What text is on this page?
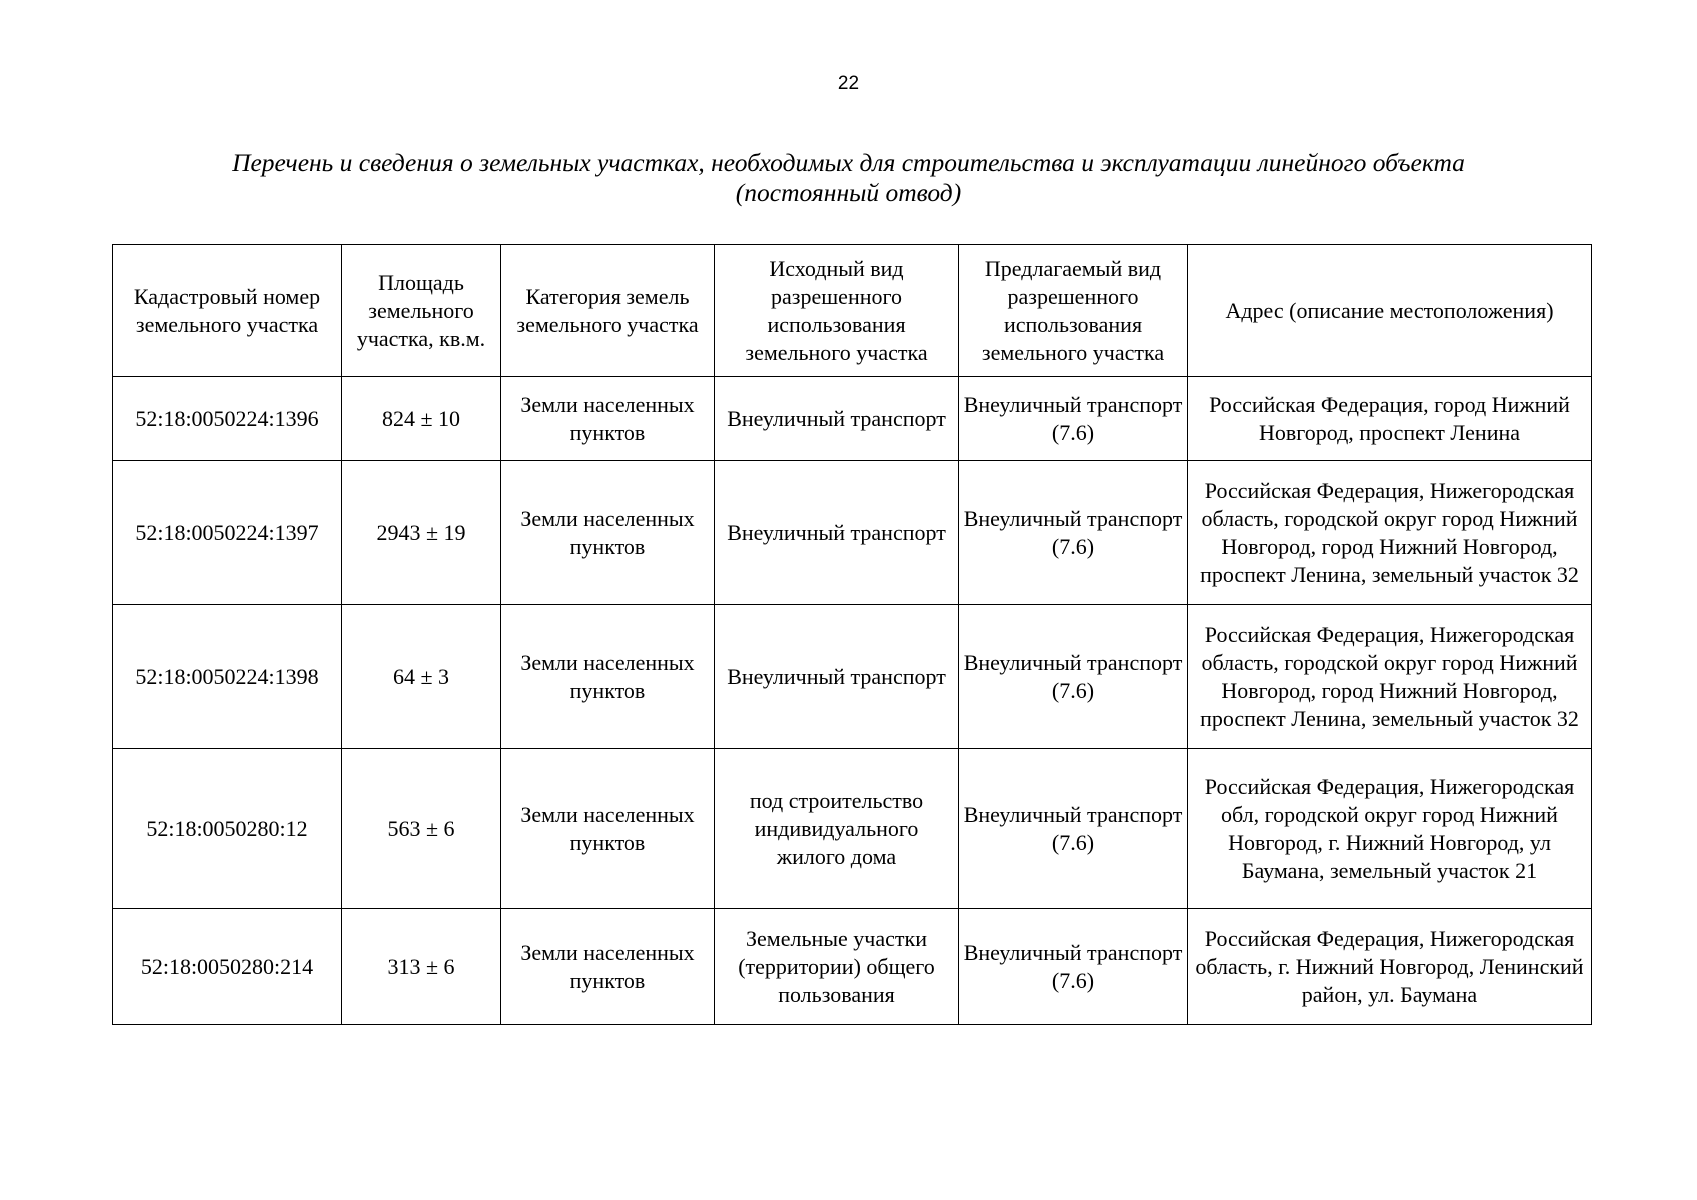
22
Перечень и сведения о земельных участках, необходимых для строительства и эксплуатации линейного объекта
(постоянный отвод)
Кадастровый номер земельного участка	Площадь земельного участка, кв.м.	Категория земель земельного участка	Исходный вид разрешенного использования земельного участка	Предлагаемый вид разрешенного использования земельного участка	Адрес (описание местоположения)
52:18:0050224:1396	824 ± 10	Земли населенных пунктов	Внеуличный транспорт	Внеуличный транспорт (7.6)	Российская Федерация, город Нижний Новгород, проспект Ленина
52:18:0050224:1397	2943 ± 19	Земли населенных пунктов	Внеуличный транспорт	Внеуличный транспорт (7.6)	Российская Федерация, Нижегородская область, городской округ город Нижний Новгород, город Нижний Новгород, проспект Ленина, земельный участок 32
52:18:0050224:1398	64 ± 3	Земли населенных пунктов	Внеуличный транспорт	Внеуличный транспорт (7.6)	Российская Федерация, Нижегородская область, городской округ город Нижний Новгород, город Нижний Новгород, проспект Ленина, земельный участок 32
52:18:0050280:12	563 ± 6	Земли населенных пунктов	под строительство индивидуального жилого дома	Внеуличный транспорт (7.6)	Российская Федерация, Нижегородская обл, городской округ город Нижний Новгород, г. Нижний Новгород, ул Баумана, земельный участок 21
52:18:0050280:214	313 ± 6	Земли населенных пунктов	Земельные участки (территории) общего пользования	Внеуличный транспорт (7.6)	Российская Федерация, Нижегородская область, г. Нижний Новгород, Ленинский район, ул. Баумана
